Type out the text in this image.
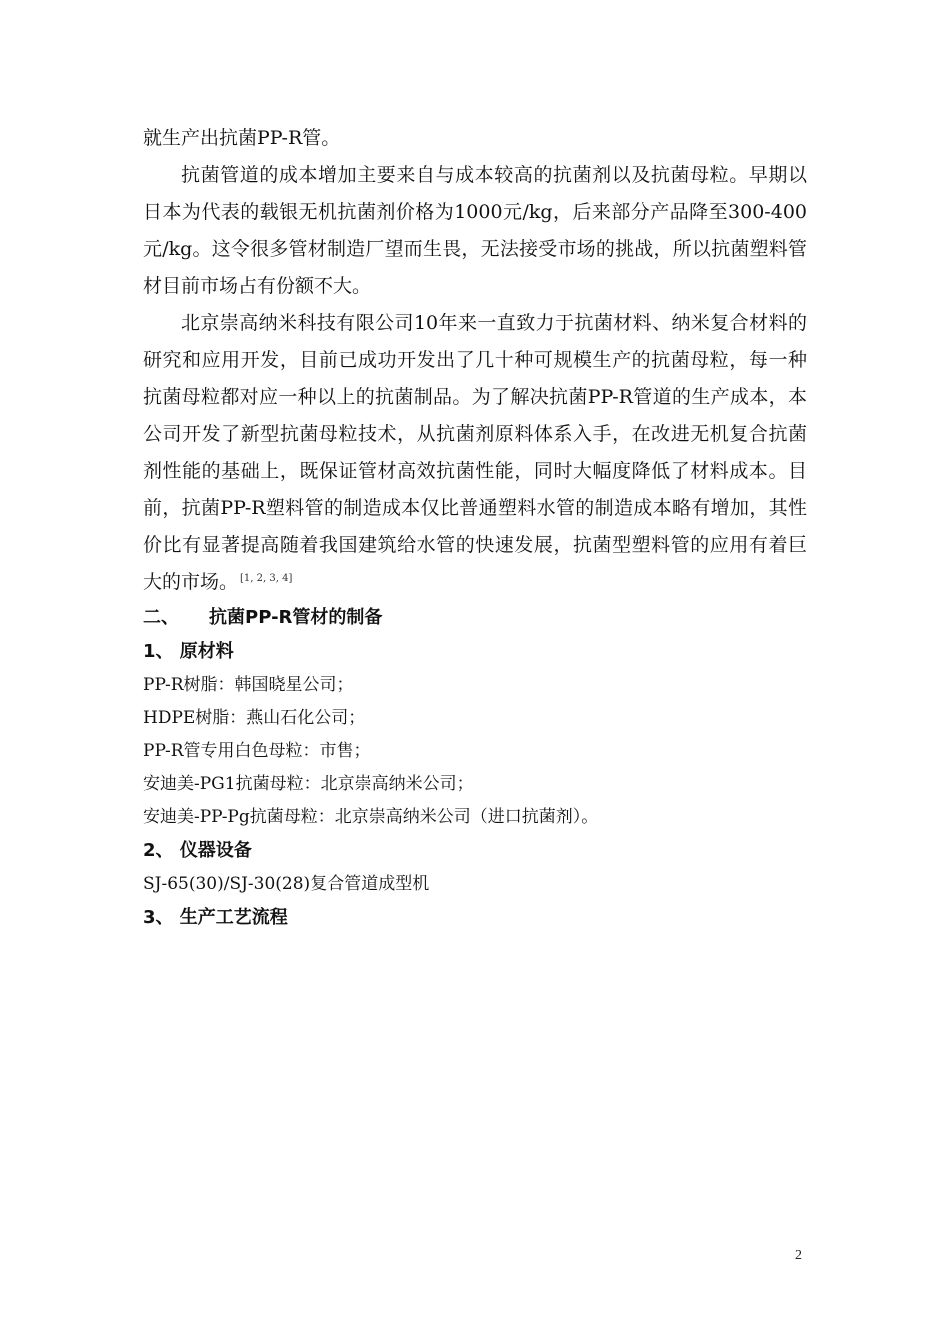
就生产出抗菌PP-R管。

抗菌管道的成本增加主要来自与成本较高的抗菌剂以及抗菌母粒。早期以日本为代表的载银无机抗菌剂价格为1000元/kg，后来部分产品降至300-400元/kg。这令很多管材制造厂望而生畏，无法接受市场的挑战，所以抗菌塑料管材目前市场占有份额不大。

北京崇高纳米科技有限公司10年来一直致力于抗菌材料、纳米复合材料的研究和应用开发，目前已成功开发出了几十种可规模生产的抗菌母粒，每一种抗菌母粒都对应一种以上的抗菌制品。为了解决抗菌PP-R管道的生产成本，本公司开发了新型抗菌母粒技术，从抗菌剂原料体系入手，在改进无机复合抗菌剂性能的基础上，既保证管材高效抗菌性能，同时大幅度降低了材料成本。目前，抗菌PP-R塑料管的制造成本仅比普通塑料水管的制造成本略有增加，其性价比有显著提高随着我国建筑给水管的快速发展，抗菌型塑料管的应用有着巨大的市场。 [1, 2, 3, 4]

二、 抗菌PP-R管材的制备
1、 原材料
PP-R树脂：韩国晓星公司；
HDPE树脂：燕山石化公司；
PP-R管专用白色母粒：市售；
安迪美-PG1抗菌母粒：北京崇高纳米公司；
安迪美-PP-Pg抗菌母粒：北京崇高纳米公司（进口抗菌剂）。
2、 仪器设备
SJ-65(30)/SJ-30(28)复合管道成型机
3、 生产工艺流程
2
